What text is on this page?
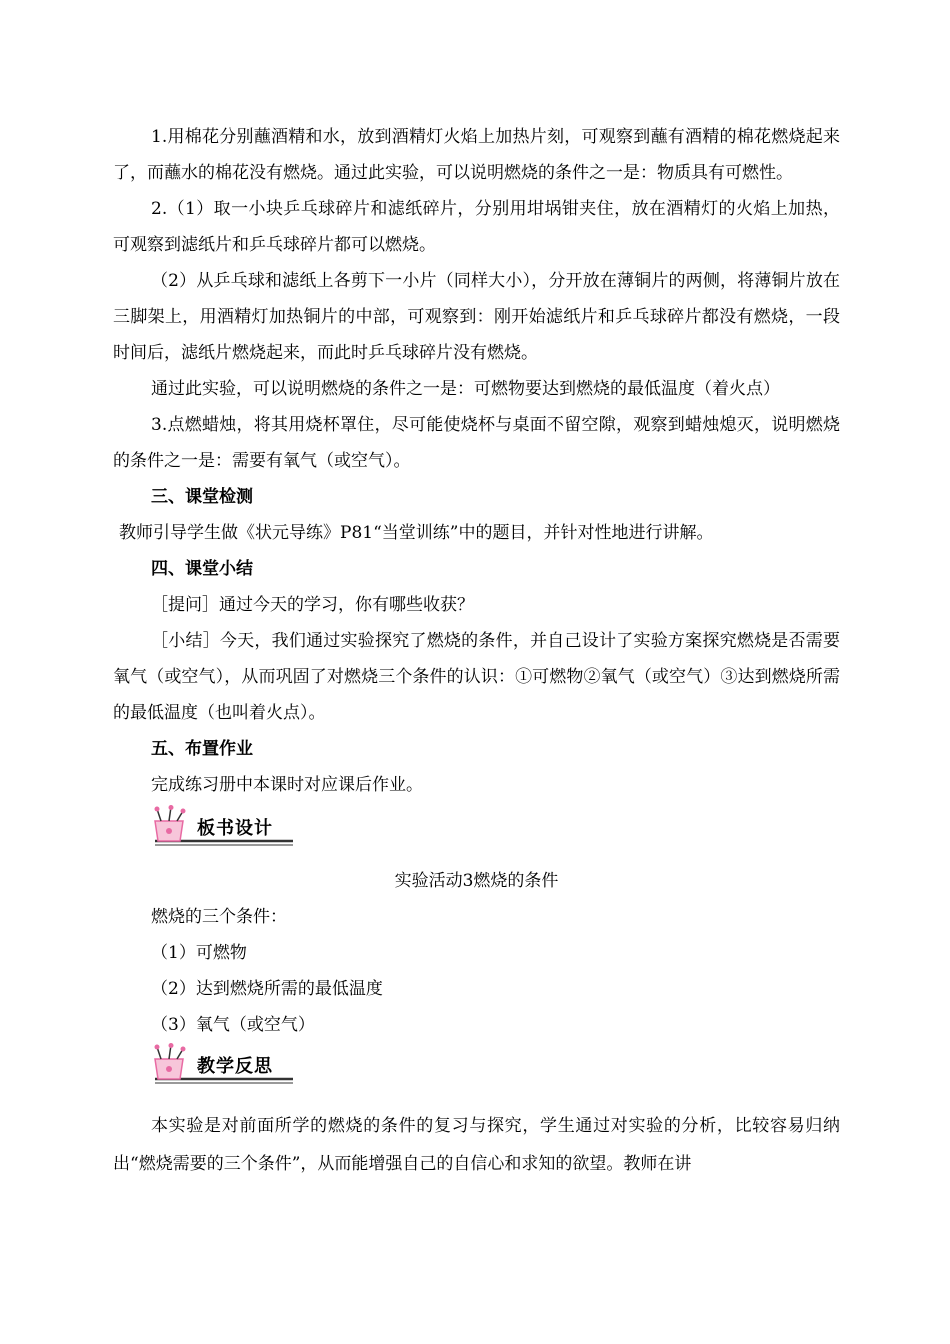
1.用棉花分别蘸酒精和水，放到酒精灯火焰上加热片刻，可观察到蘸有酒精的棉花燃烧起来了，而蘸水的棉花没有燃烧。通过此实验，可以说明燃烧的条件之一是：物质具有可燃性。

2.（1）取一小块乒乓球碎片和滤纸碎片，分别用坩埚钳夹住，放在酒精灯的火焰上加热，可观察到滤纸片和乒乓球碎片都可以燃烧。

（2）从乒乓球和滤纸上各剪下一小片（同样大小），分开放在薄铜片的两侧，将薄铜片放在三脚架上，用酒精灯加热铜片的中部，可观察到：刚开始滤纸片和乒乓球碎片都没有燃烧，一段时间后，滤纸片燃烧起来，而此时乒乓球碎片没有燃烧。

通过此实验，可以说明燃烧的条件之一是：可燃物要达到燃烧的最低温度（着火点）

3.点燃蜡烛，将其用烧杯罩住，尽可能使烧杯与桌面不留空隙，观察到蜡烛熄灭，说明燃烧的条件之一是：需要有氧气（或空气）。

三、课堂检测

教师引导学生做《状元导练》P81“当堂训练”中的题目，并针对性地进行讲解。

四、课堂小结

［提问］通过今天的学习，你有哪些收获？

［小结］今天，我们通过实验探究了燃烧的条件，并自己设计了实验方案探究燃烧是否需要氧气（或空气），从而巩固了对燃烧三个条件的认识：①可燃物②氧气（或空气）③达到燃烧所需的最低温度（也叫着火点）。

五、布置作业

完成练习册中本课时对应课后作业。

板书设计

实验活动3燃烧的条件

燃烧的三个条件：

（1）可燃物

（2）达到燃烧所需的最低温度

（3）氧气（或空气）

教学反思

本实验是对前面所学的燃烧的条件的复习与探究，学生通过对实验的分析，比较容易归纳出“燃烧需要的三个条件”，从而能增强自己的自信心和求知的欲望。教师在讲
